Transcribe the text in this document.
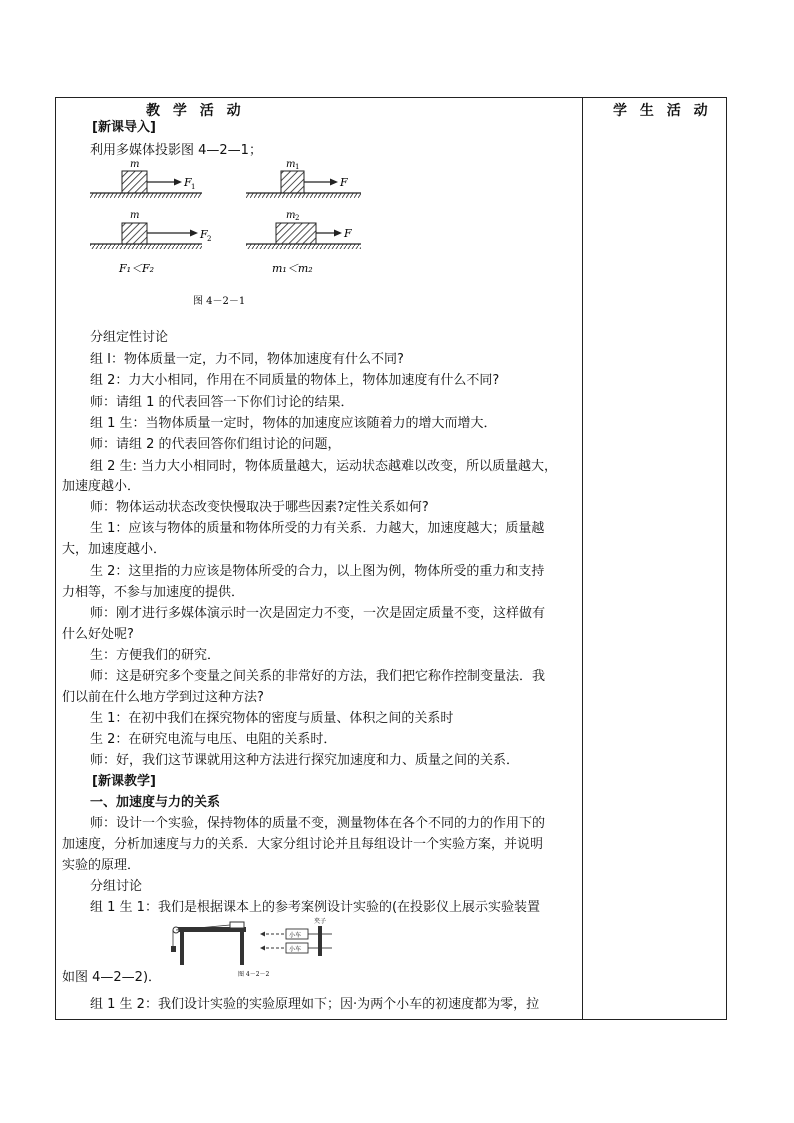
教 学 活 动
[新课导入]
利用多媒体投影图 4—2—1；
m
F 1
m 1
F
m
F 2
m 2
F
F₁＜F₂	m₁＜m₂
图 4－2－1
分组定性讨论
组 I：物体质量一定，力不同，物体加速度有什么不同?
组 2：力大小相同，作用在不同质量的物体上，物体加速度有什么不同?
师：请组 1 的代表回答一下你们讨论的结果．
组 1 生：当物体质量一定时，物体的加速度应该随着力的增大而增大．
师：请组 2 的代表回答你们组讨论的问题，
组 2 生: 当力大小相同时，物体质量越大，运动状态越难以改变，所以质量越大，
加速度越小．
师：物体运动状态改变快慢取决于哪些因素?定性关系如何?
生 1：应该与物体的质量和物体所受的力有关系．力越大，加速度越大；质量越
大，加速度越小．
生 2：这里指的力应该是物体所受的合力，以上图为例，物体所受的重力和支持
力相等，不参与加速度的提供．
师：刚才进行多媒体演示时一次是固定力不变，一次是固定质量不变，这样做有
什么好处呢?
生：方便我们的研究．
师：这是研究多个变量之间关系的非常好的方法，我们把它称作控制变量法．我
们以前在什么地方学到过这种方法?
生 1：在初中我们在探究物体的密度与质量、体积之间的关系时
生 2：在研究电流与电压、电阻的关系时．
师：好，我们这节课就用这种方法进行探究加速度和力、质量之间的关系．
[新课教学]
一、加速度与力的关系
师：设计一个实验，保持物体的质量不变，测量物体在各个不同的力的作用下的
加速度，分析加速度与力的关系．大家分组讨论并且每组设计一个实验方案，并说明
实验的原理．
分组讨论
组 1 生 1：我们是根据课本上的参考案例设计实验的(在投影仪上展示实验装置
小车
小车
夹子
图 4－2－2
如图 4—2—2)．
组 1 生 2：我们设计实验的实验原理如下；因·为两个小车的初速度都为零，拉
学 生 活 动
